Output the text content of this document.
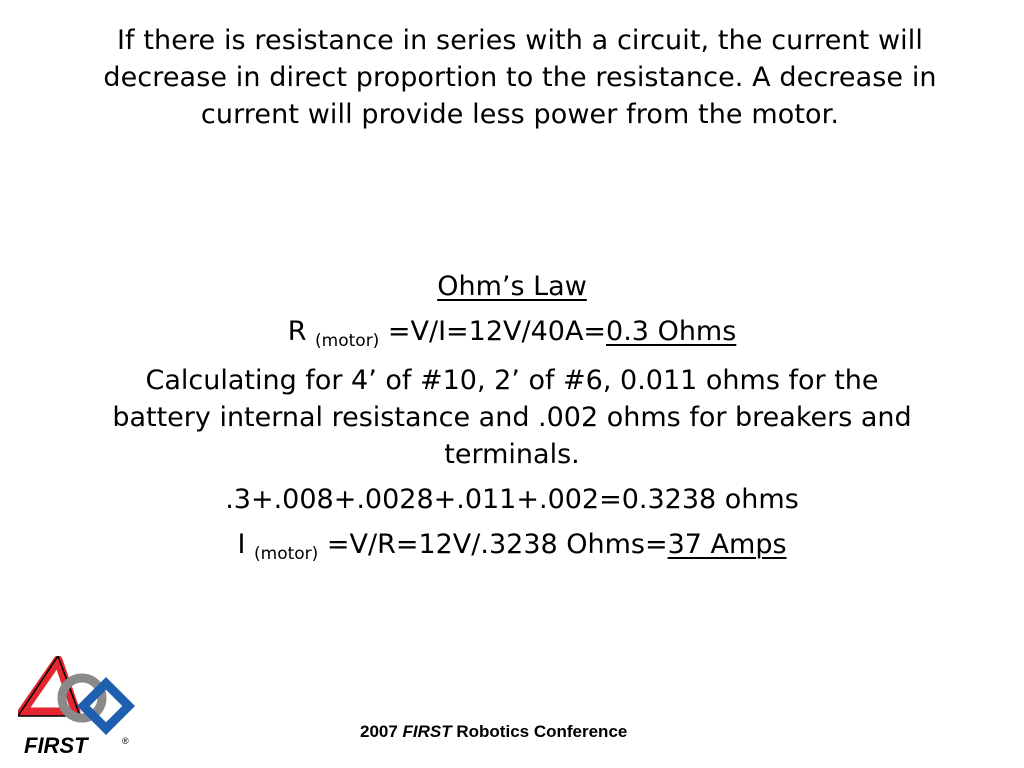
If there is resistance in series with a circuit, the current will decrease in direct proportion to the resistance. A decrease in current will provide less power from the motor.

Ohm’s Law

R $_{(motor)}$ =V/I=12V/40A=0.3 Ohms

Calculating for 4’ of #10, 2’ of #6, 0.011 ohms for the battery internal resistance and .002 ohms for breakers and terminals.

.3+.008+.0028+.011+.002=0.3238 ohms

I $_{(motor)}$ =V/R=12V/.3238 Ohms=37 Amps

FIRST	®	2007 FIRST Robotics Conference
